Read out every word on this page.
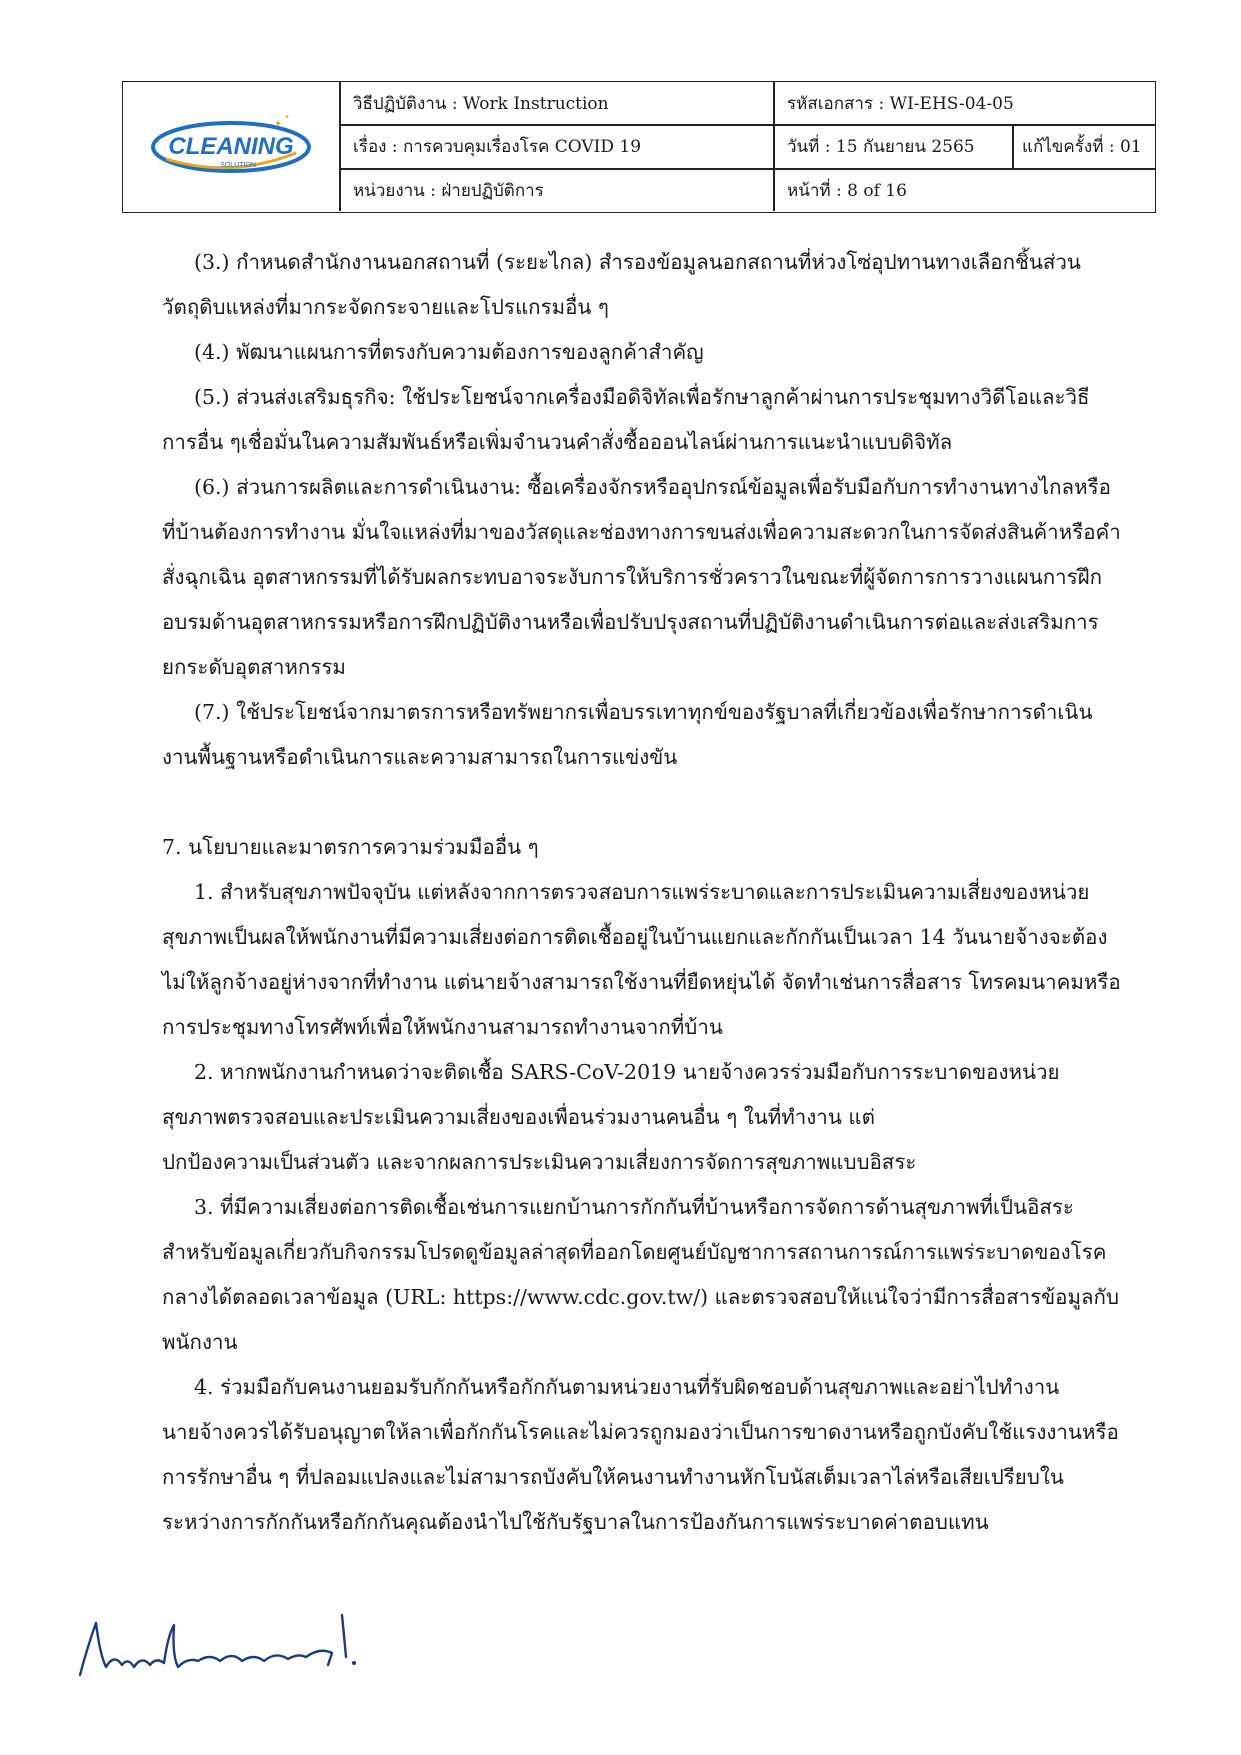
CLEANING
SOLUTION
✦
✦
วิธีปฏิบัติงาน : Work Instruction	รหัสเอกสาร : WI-EHS-04-05
เรื่อง : การควบคุมเรื่องโรค COVID 19	วันที่ : 15 กันยายน 2565	แก้ไขครั้งที่ : 01
หน่วยงาน : ฝ่ายปฏิบัติการ	หน้าที่ : 8 of 16

(3.) กำหนดสำนักงานนอกสถานที่ (ระยะไกล) สำรองข้อมูลนอกสถานที่ห่วงโซ่อุปทานทางเลือกชิ้นส่วนวัตถุดิบแหล่งที่มากระจัดกระจายและโปรแกรมอื่น ๆ

(4.) พัฒนาแผนการที่ตรงกับความต้องการของลูกค้าสำคัญ

(5.) ส่วนส่งเสริมธุรกิจ: ใช้ประโยชน์จากเครื่องมือดิจิทัลเพื่อรักษาลูกค้าผ่านการประชุมทางวิดีโอและวิธีการอื่น ๆเชื่อมั่นในความสัมพันธ์หรือเพิ่มจำนวนคำสั่งซื้อออนไลน์ผ่านการแนะนำแบบดิจิทัล

(6.) ส่วนการผลิตและการดำเนินงาน: ซื้อเครื่องจักรหรืออุปกรณ์ข้อมูลเพื่อรับมือกับการทำงานทางไกลหรือที่บ้านต้องการทำงาน มั่นใจแหล่งที่มาของวัสดุและช่องทางการขนส่งเพื่อความสะดวกในการจัดส่งสินค้าหรือคำสั่งฉุกเฉิน อุตสาหกรรมที่ได้รับผลกระทบอาจระงับการให้บริการชั่วคราวในขณะที่ผู้จัดการการวางแผนการฝึกอบรมด้านอุตสาหกรรมหรือการฝึกปฏิบัติงานหรือเพื่อปรับปรุงสถานที่ปฏิบัติงานดำเนินการต่อและส่งเสริมการยกระดับอุตสาหกรรม

(7.) ใช้ประโยชน์จากมาตรการหรือทรัพยากรเพื่อบรรเทาทุกข์ของรัฐบาลที่เกี่ยวข้องเพื่อรักษาการดำเนินงานพื้นฐานหรือดำเนินการและความสามารถในการแข่งขัน

7. นโยบายและมาตรการความร่วมมืออื่น ๆ

1. สำหรับสุขภาพปัจจุบัน แต่หลังจากการตรวจสอบการแพร่ระบาดและการประเมินความเสี่ยงของหน่วยสุขภาพเป็นผลให้พนักงานที่มีความเสี่ยงต่อการติดเชื้ออยู่ในบ้านแยกและกักกันเป็นเวลา 14 วันนายจ้างจะต้องไม่ให้ลูกจ้างอยู่ห่างจากที่ทำงาน แต่นายจ้างสามารถใช้งานที่ยืดหยุ่นได้ จัดทำเช่นการสื่อสาร โทรคมนาคมหรือการประชุมทางโทรศัพท์เพื่อให้พนักงานสามารถทำงานจากที่บ้าน

2. หากพนักงานกำหนดว่าจะติดเชื้อ SARS-CoV-2019 นายจ้างควรร่วมมือกับการระบาดของหน่วยสุขภาพตรวจสอบและประเมินความเสี่ยงของเพื่อนร่วมงานคนอื่น ๆ ในที่ทำงาน แต่

ปกป้องความเป็นส่วนตัว และจากผลการประเมินความเสี่ยงการจัดการสุขภาพแบบอิสระ

3. ที่มีความเสี่ยงต่อการติดเชื้อเช่นการแยกบ้านการกักกันที่บ้านหรือการจัดการด้านสุขภาพที่เป็นอิสระสำหรับข้อมูลเกี่ยวกับกิจกรรมโปรดดูข้อมูลล่าสุดที่ออกโดยศูนย์บัญชาการสถานการณ์การแพร่ระบาดของโรคกลางได้ตลอดเวลาข้อมูล (URL: https://www.cdc.gov.tw/) และตรวจสอบให้แน่ใจว่ามีการสื่อสารข้อมูลกับพนักงาน

4. ร่วมมือกับคนงานยอมรับกักกันหรือกักกันตามหน่วยงานที่รับผิดชอบด้านสุขภาพและอย่าไปทำงานนายจ้างควรได้รับอนุญาตให้ลาเพื่อกักกันโรคและไม่ควรถูกมองว่าเป็นการขาดงานหรือถูกบังคับใช้แรงงานหรือการรักษาอื่น ๆ ที่ปลอมแปลงและไม่สามารถบังคับให้คนงานทำงานหักโบนัสเต็มเวลาไล่หรือเสียเปรียบในระหว่างการกักกันหรือกักกันคุณต้องนำไปใช้กับรัฐบาลในการป้องกันการแพร่ระบาดค่าตอบแทน
